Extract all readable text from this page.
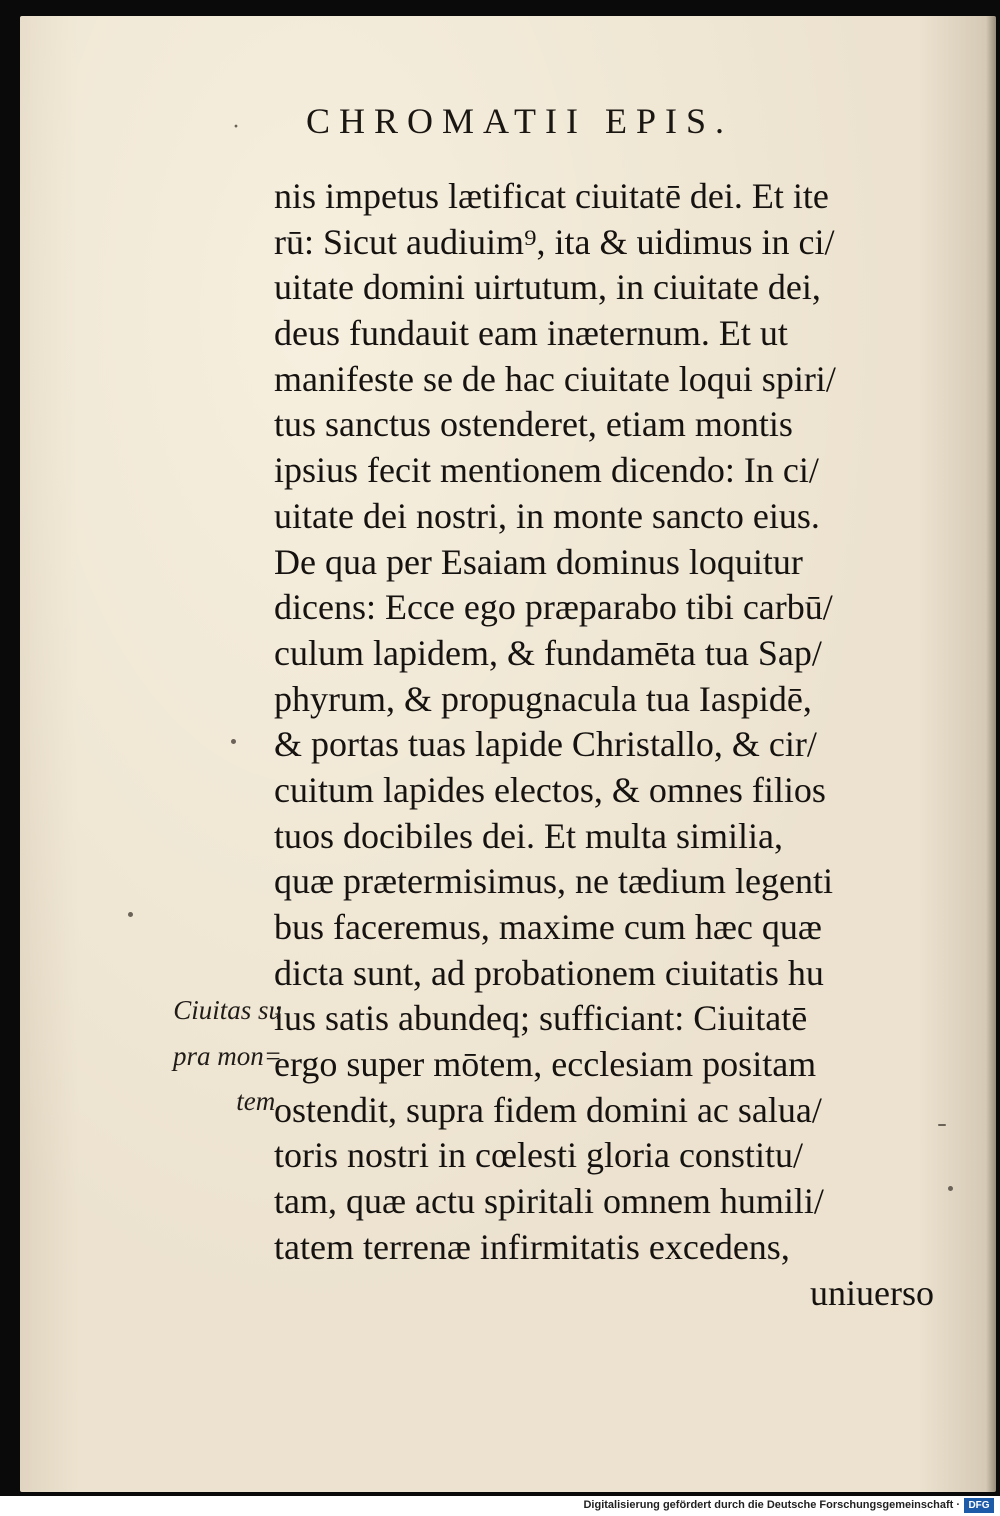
· CHROMATII EPIS.
nis impetus lætificat ciuitatē dei. Et ite
rū: Sicut audiuim⁹, ita & uidimus in ci/
uitate domini uirtutum, in ciuitate dei,
deus fundauit eam inæternum. Et ut
manifeste se de hac ciuitate loqui spiri/
tus sanctus ostenderet, etiam montis
ipsius fecit mentionem dicendo: In ci/
uitate dei nostri, in monte sancto eius.
De qua per Esaiam dominus loquitur
dicens: Ecce ego præparabo tibi carbū/
culum lapidem, & fundamēta tua Sap/
phyrum, & propugnacula tua Iaspidē,
& portas tuas lapide Christallo, & cir/
cuitum lapides electos, & omnes filios
tuos docibiles dei. Et multa similia,
quæ prætermisimus, ne tædium legenti
bus faceremus, maxime cum hæc quæ
dicta sunt, ad probationem ciuitatis hu
ius satis abundeq; sufficiant: Ciuitatē
ergo super mōtem, ecclesiam positam
ostendit, supra fidem domini ac salua/
toris nostri in cœlesti gloria constitu/
tam, quæ actu spiritali omnem humili/
tatem terrenæ infirmitatis excedens,
uniuerso
Ciuitas su
pra mon=
tem.
Digitalisierung gefördert durch die Deutsche Forschungsgemeinschaft · DFG
